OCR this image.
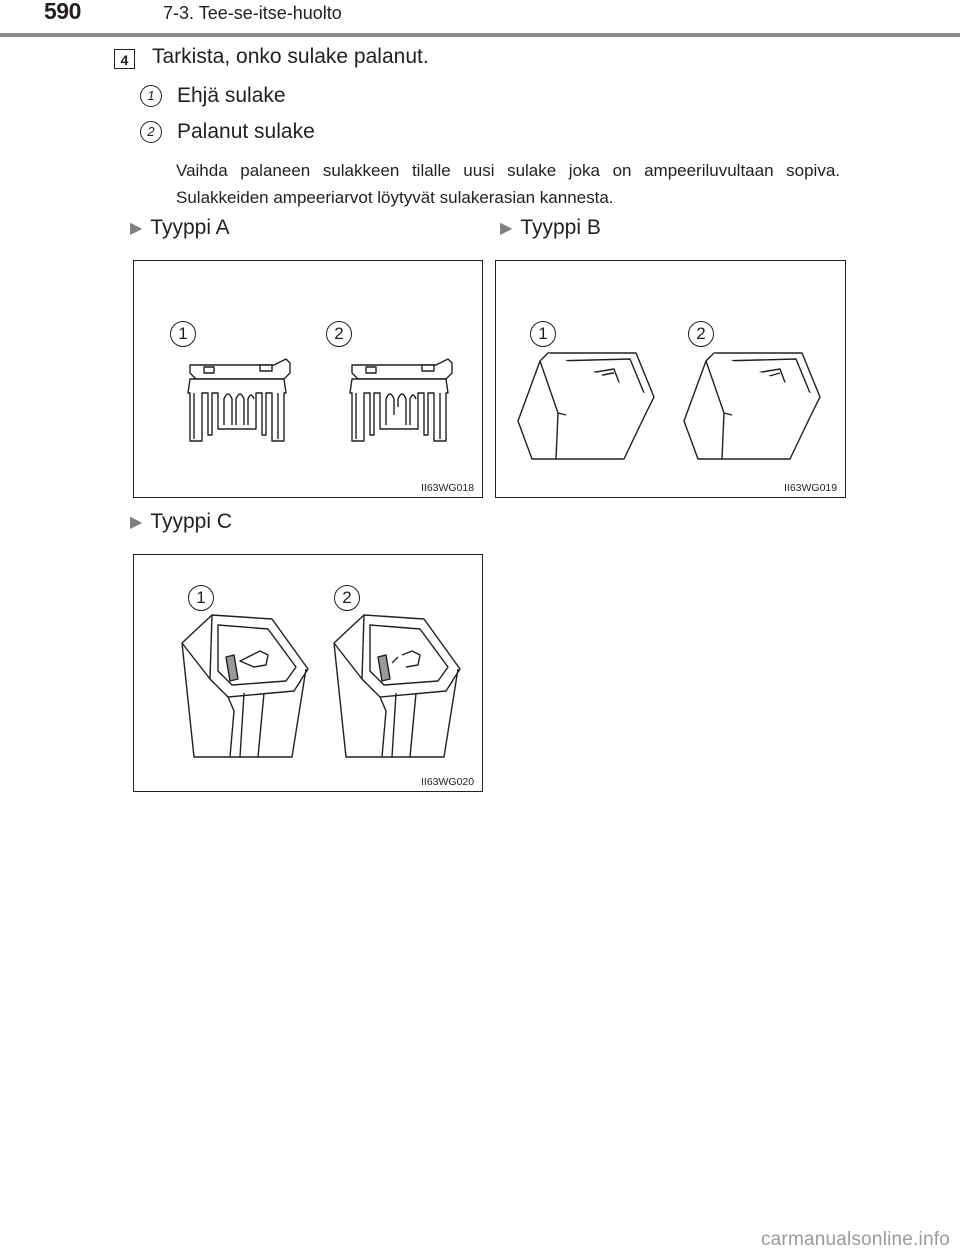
590	7-3. Tee-se-itse-huolto
4	Tarkista, onko sulake palanut.
1	Ehjä sulake
2	Palanut sulake
Vaihda palaneen sulakkeen tilalle uusi sulake joka on ampeeriluvultaan sopiva. Sulakkeiden ampeeriarvot löytyvät sulakerasian kannesta.
▶ Tyyppi A	▶ Tyyppi B
▶ Tyyppi C
1	2
II63WG018
1	2
II63WG019
1	2
II63WG020
carmanualsonline.info
